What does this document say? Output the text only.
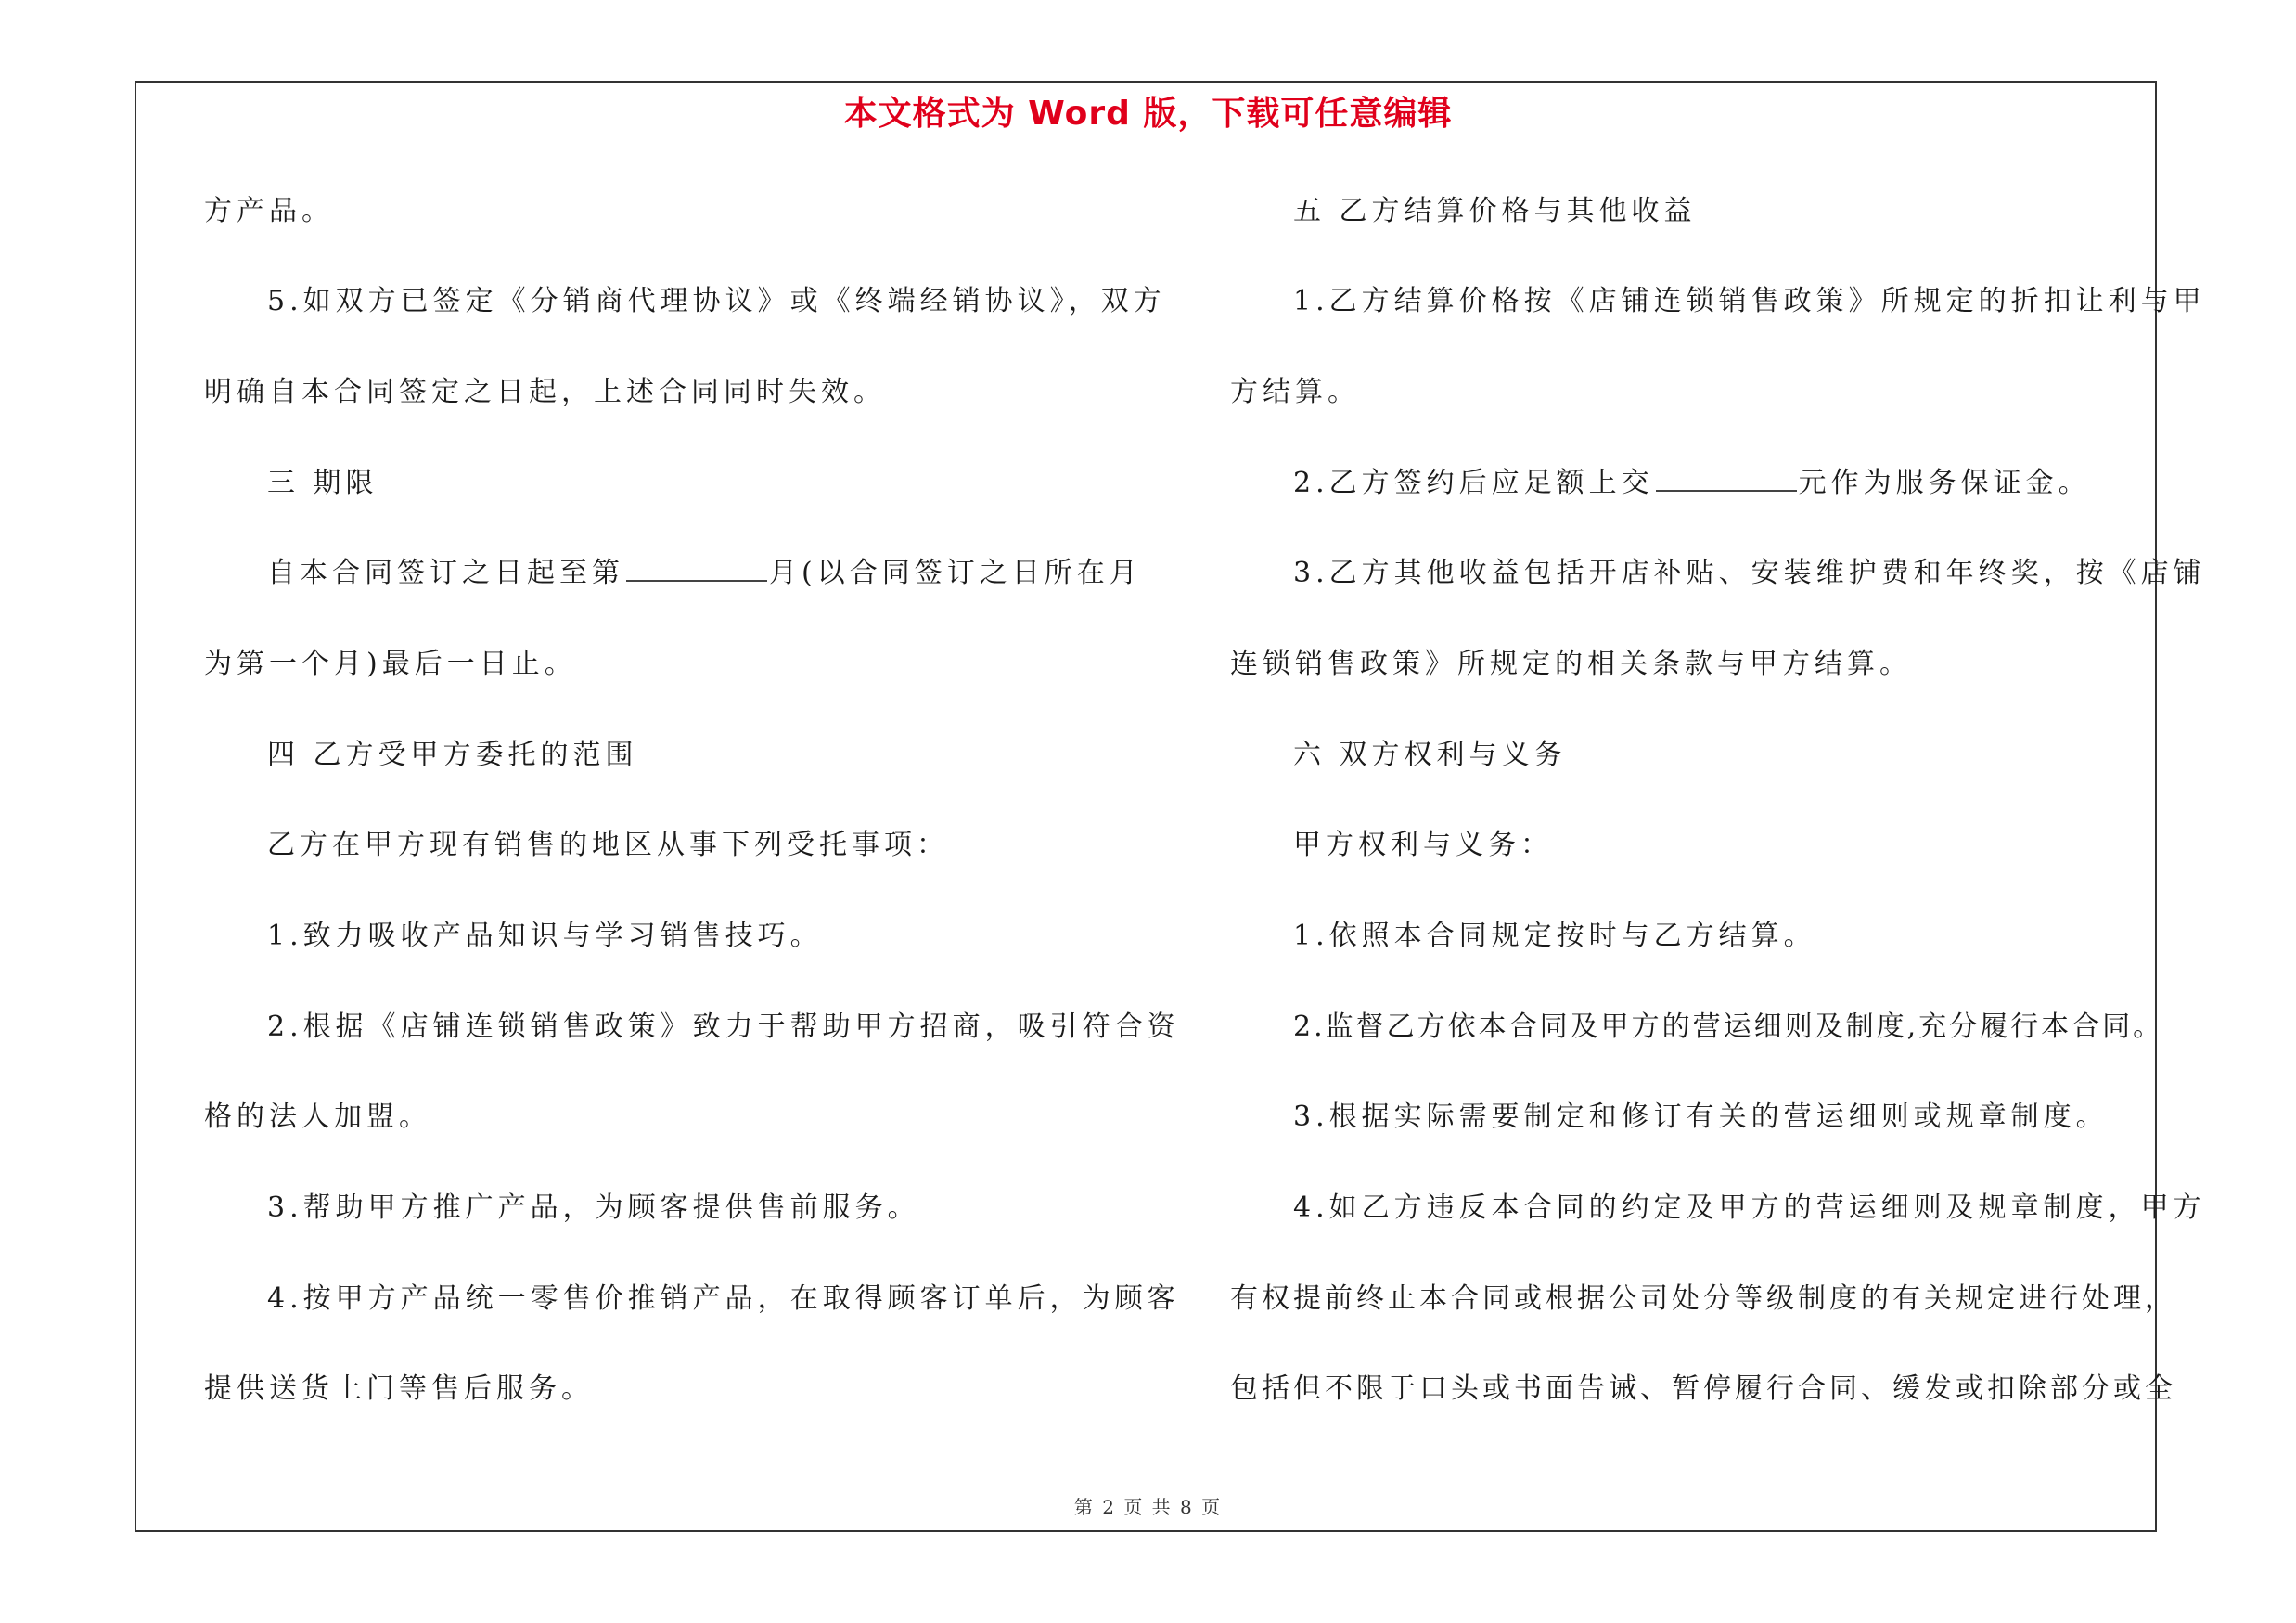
本文格式为 Word 版，下载可任意编辑
方产品。
5.如双方已签定《分销商代理协议》或《终端经销协议》，双方
明确自本合同签定之日起，上述合同同时失效。
三 期限
自本合同签订之日起至第	月(以合同签订之日所在月
为第一个月)最后一日止。
四 乙方受甲方委托的范围
乙方在甲方现有销售的地区从事下列受托事项：
1.致力吸收产品知识与学习销售技巧。
2.根据《店铺连锁销售政策》致力于帮助甲方招商，吸引符合资
格的法人加盟。
3.帮助甲方推广产品，为顾客提供售前服务。
4.按甲方产品统一零售价推销产品，在取得顾客订单后，为顾客
提供送货上门等售后服务。
五 乙方结算价格与其他收益
1.乙方结算价格按《店铺连锁销售政策》所规定的折扣让利与甲
方结算。
2.乙方签约后应足额上交	元作为服务保证金。
3.乙方其他收益包括开店补贴、安装维护费和年终奖，按《店铺
连锁销售政策》所规定的相关条款与甲方结算。
六 双方权利与义务
甲方权利与义务：
1.依照本合同规定按时与乙方结算。
2.监督乙方依本合同及甲方的营运细则及制度,充分履行本合同。
3.根据实际需要制定和修订有关的营运细则或规章制度。
4.如乙方违反本合同的约定及甲方的营运细则及规章制度，甲方
有权提前终止本合同或根据公司处分等级制度的有关规定进行处理，
包括但不限于口头或书面告诫、暂停履行合同、缓发或扣除部分或全
第 2 页 共 8 页
